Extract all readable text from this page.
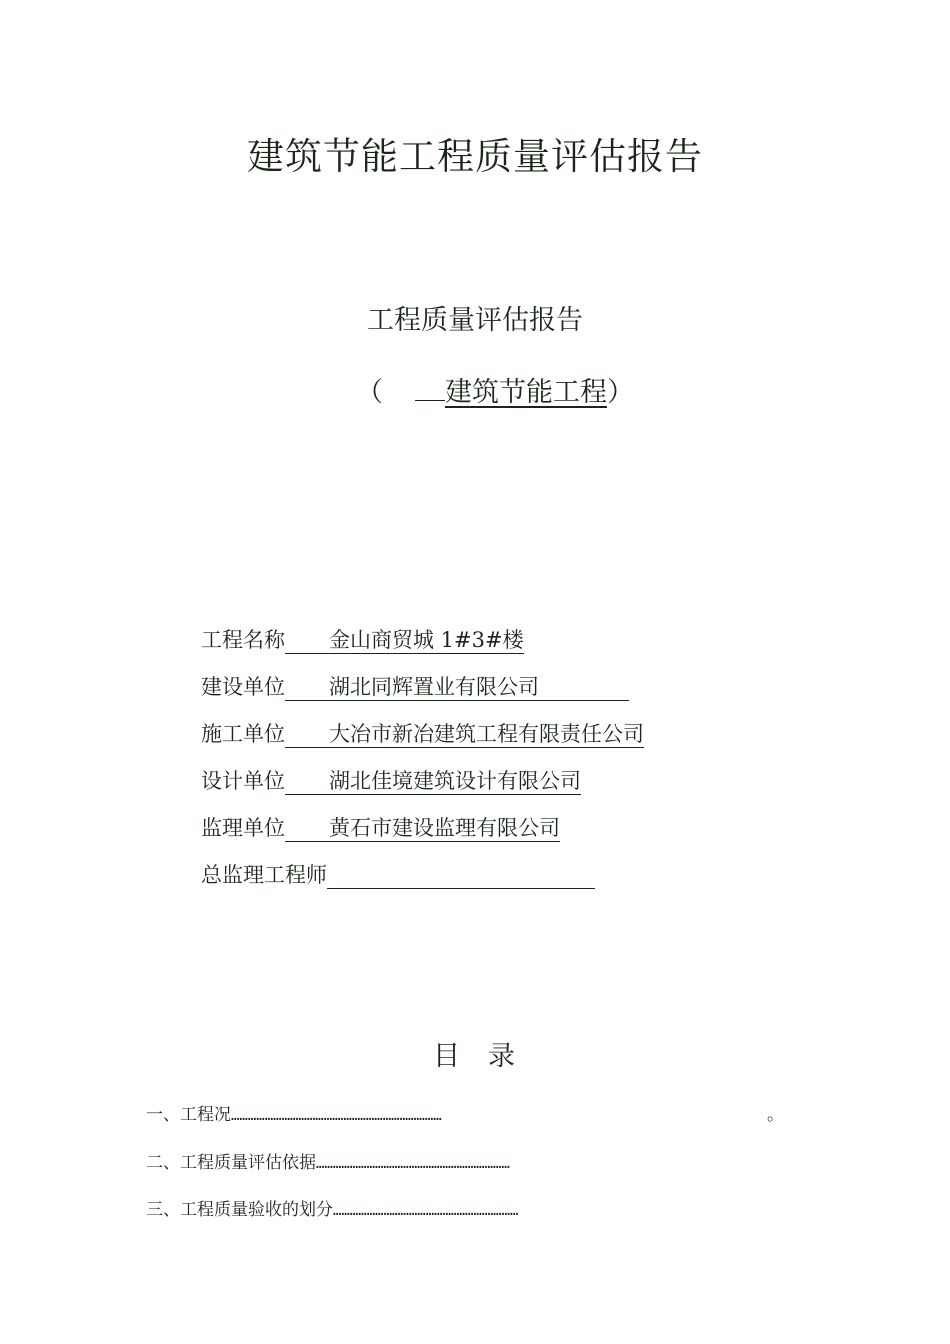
建筑节能工程质量评估报告
工程质量评估报告
（ 建筑节能工程）
工程名称 金山商贸城 1#3#楼
建设单位 湖北同辉置业有限公司
施工单位 大冶市新冶建筑工程有限责任公司
设计单位 湖北佳境建筑设计有限公司
监理单位 黄石市建设监理有限公司
总监理工程师
目 录
一、工程况 …………………………………………………………………	。
二、工程质量评估依据 ……………………………………………………………
三、工程质量验收的划分 …………………………………………………………
